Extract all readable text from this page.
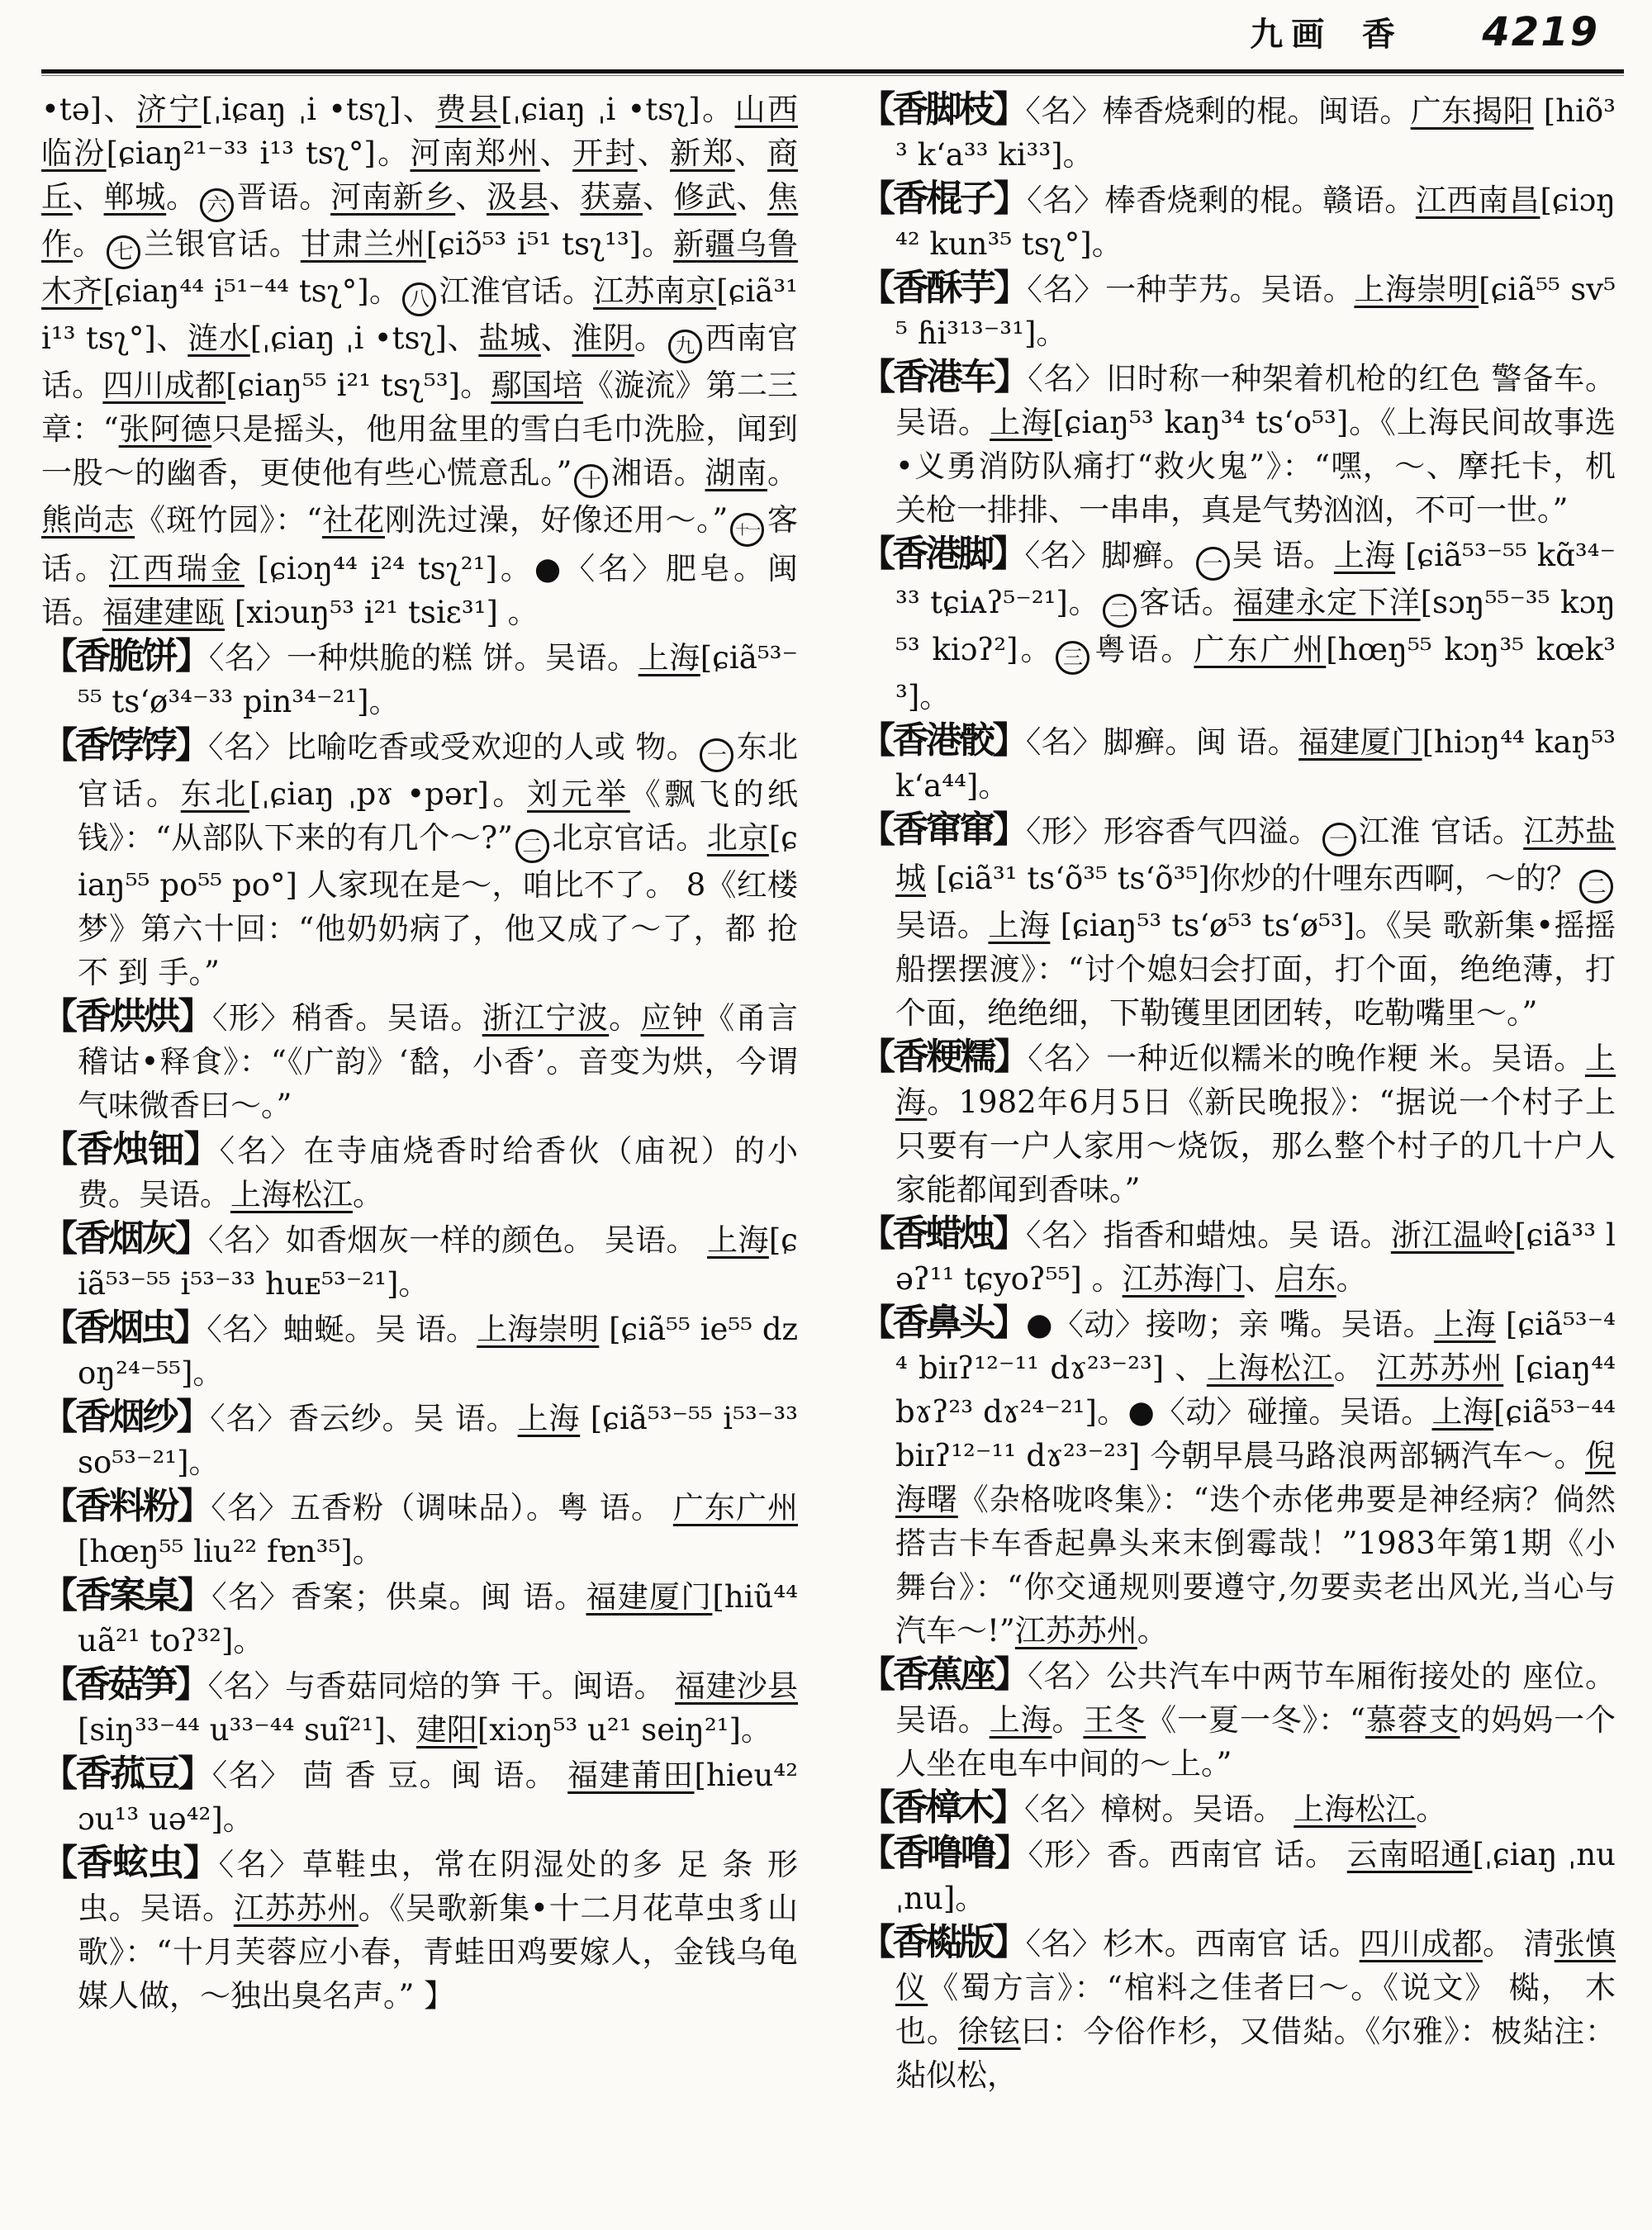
九画 香 4219

•tə]、济宁[ˌiɕaŋ ˌi •tsʅ]、费县[ˌɕiaŋ ˌi •tsʅ]。山西临汾[ɕiaŋ²¹⁻³³ i¹³ tsʅ°]。河南郑州、开封、新郑、商丘、郸城。 六 晋语。河南新乡、汲县、获嘉、修武、焦作。 七 兰银官话。甘肃兰州[ɕiɔ̃⁵³ i⁵¹ tsʅ¹³]。新疆乌鲁木齐[ɕiaŋ⁴⁴ i⁵¹⁻⁴⁴ tsʅ°]。 八 江淮官话。江苏南京[ɕiã³¹ i¹³ tsʅ°]、涟水[ˌɕiaŋ ˌi •tsʅ]、盐城、淮阴。 九 西南官话。四川成都[ɕiaŋ⁵⁵ i²¹ tsʅ⁵³]。鄢国培《漩流》第二三章：“张阿德只是摇头，他用盆里的雪白毛巾洗脸，闻到一股～的幽香，更使他有些心慌意乱。” 十 湘语。湖南。熊尚志《斑竹园》：“社花刚洗过澡，好像还用～。” 十一 客话。江西瑞金 [ɕiɔŋ⁴⁴ i²⁴ tsʅ²¹]。●〈名〉肥皂。闽语。福建建瓯 [xiɔuŋ⁵³ i²¹ tsiɛ³¹] 。

【香脆饼】〈名〉一种烘脆的糕 饼。吴语。上海[ɕiã⁵³⁻⁵⁵ ts‘ø³⁴⁻³³ pin³⁴⁻²¹]。

【香饽饽】〈名〉比喻吃香或受欢迎的人或 物。 一 东北官话。东北[ˌɕiaŋ ˌpɤ •pər]。刘元举《飘飞的纸钱》：“从部队下来的有几个～?” 二 北京官话。北京[ɕiaŋ⁵⁵ po⁵⁵ po°] 人家现在是～，咱比不了。 8《红楼梦》第六十回：“他奶奶病了，他又成了～了，都 抢 不 到 手。”

【香烘烘】〈形〉稍香。吴语。浙江宁波。应钟《甬言稽诂•释食》：“《广韵》‘馠，小香’。音变为烘，今谓气味微香曰～。”

【香烛钿】〈名〉在寺庙烧香时给香伙（庙祝）的小费。吴语。上海松江。

【香烟灰】〈名〉如香烟灰一样的颜色。 吴语。 上海[ɕiã⁵³⁻⁵⁵ i⁵³⁻³³ huᴇ⁵³⁻²¹]。

【香烟虫】〈名〉蚰蜒。吴 语。上海崇明 [ɕiã⁵⁵ ie⁵⁵ dzoŋ²⁴⁻⁵⁵]。

【香烟纱】〈名〉香云纱。吴 语。上海 [ɕiã⁵³⁻⁵⁵ i⁵³⁻³³ so⁵³⁻²¹]。

【香料粉】〈名〉五香粉（调味品）。粤 语。 广东广州[hœŋ⁵⁵ liu²² fɐn³⁵]。

【香案桌】〈名〉香案；供桌。闽 语。福建厦门[hiũ⁴⁴ uã²¹ toʔ³²]。

【香菇笋】〈名〉与香菇同焙的笋 干。闽语。 福建沙县[siŋ³³⁻⁴⁴ u³³⁻⁴⁴ suĩ²¹]、建阳[xiɔŋ⁵³ u²¹ seiŋ²¹]。

【香菰豆】〈名〉 茴 香 豆。闽 语。 福建莆田[hieu⁴² ɔu¹³ uə⁴²]。

【香蚿虫】〈名〉草鞋虫，常在阴湿处的多 足 条 形 虫。吴语。江苏苏州。《吴歌新集•十二月花草虫豸山歌》：“十月芙蓉应小春，青蛙田鸡要嫁人，金钱乌龟媒人做，～独出臭名声。” 】

【香脚枝】〈名〉棒香烧剩的棍。闽语。广东揭阳 [hiõ³³ k‘a³³ ki³³]。

【香棍子】〈名〉棒香烧剩的棍。赣语。江西南昌[ɕiɔŋ⁴² kun³⁵ tsʅ°]。

【香酥芋】〈名〉一种芋艿。吴语。上海崇明[ɕiã⁵⁵ sv⁵⁵ ɦi³¹³⁻³¹]。

【香港车】〈名〉旧时称一种架着机枪的红色 警备车。吴语。上海[ɕiaŋ⁵³ kaŋ³⁴ ts‘o⁵³]。《上海民间故事选•义勇消防队痛打“救火鬼”》：“嘿，～、摩托卡，机关枪一排排、一串串，真是气势汹汹，不可一世。”

【香港脚】〈名〉脚癣。 一 吴 语。上海 [ɕiã⁵³⁻⁵⁵ kɑ̃³⁴⁻³³ tɕiᴀʔ⁵⁻²¹]。 二 客话。福建永定下洋[sɔŋ⁵⁵⁻³⁵ kɔŋ⁵³ kiɔʔ²]。 三 粤语。广东广州[hœŋ⁵⁵ kɔŋ³⁵ kœk³³]。

【香港骹】〈名〉脚癣。闽 语。福建厦门[hiɔŋ⁴⁴ kaŋ⁵³ k‘a⁴⁴]。

【香窜窜】〈形〉形容香气四溢。 一 江淮 官话。江苏盐城 [ɕiã³¹ ts‘õ³⁵ ts‘õ³⁵]你炒的什哩东西啊，～的？ 二吴语。上海 [ɕiaŋ⁵³ ts‘ø⁵³ ts‘ø⁵³]。《吴 歌新集•摇摇船摆摆渡》：“讨个媳妇会打面，打个面，绝绝薄，打个面，绝绝细，下勒镬里团团转，吃勒嘴里～。”

【香粳糯】〈名〉一种近似糯米的晚作粳 米。吴语。上海。1982年6月5日《新民晚报》：“据说一个村子上只要有一户人家用～烧饭，那么整个村子的几十户人家能都闻到香味。”

【香蜡烛】〈名〉指香和蜡烛。吴 语。浙江温岭[ɕiã³³ ləʔ¹¹ tɕyoʔ⁵⁵] 。江苏海门、启东。

【香鼻头】●〈动〉接吻；亲 嘴。吴语。上海 [ɕiã⁵³⁻⁴⁴ biɪʔ¹²⁻¹¹ dɤ²³⁻²³] 、上海松江。 江苏苏州 [ɕiaŋ⁴⁴ bɤʔ²³ dɤ²⁴⁻²¹]。●〈动〉碰撞。吴语。上海[ɕiã⁵³⁻⁴⁴ biɪʔ¹²⁻¹¹ dɤ²³⁻²³] 今朝早晨马路浪两部辆汽车～。倪海曙《杂格咙咚集》：“迭个赤佬弗要是神经病？倘然搭吉卡车香起鼻头来末倒霉哉！”1983年第1期《小舞台》：“你交通规则要遵守,勿要卖老出风光,当心与汽车～!”江苏苏州。

【香蕉座】〈名〉公共汽车中两节车厢衔接处的 座位。吴语。上海。王冬《一夏一冬》：“慕蓉支的妈妈一个人坐在电车中间的～上。”

【香樟木】〈名〉樟树。吴语。 上海松江。

【香噜噜】〈形〉香。西南官 话。 云南昭通[ˌɕiaŋ ˌnu ˌnu]。

【香檆版】〈名〉杉木。西南官 话。四川成都。 清张慎仪《蜀方言》：“棺料之佳者曰～。《说文》 檆， 木也。徐铉曰：今俗作杉，又借煔。《尔雅》：柀煔注：煔似松，
